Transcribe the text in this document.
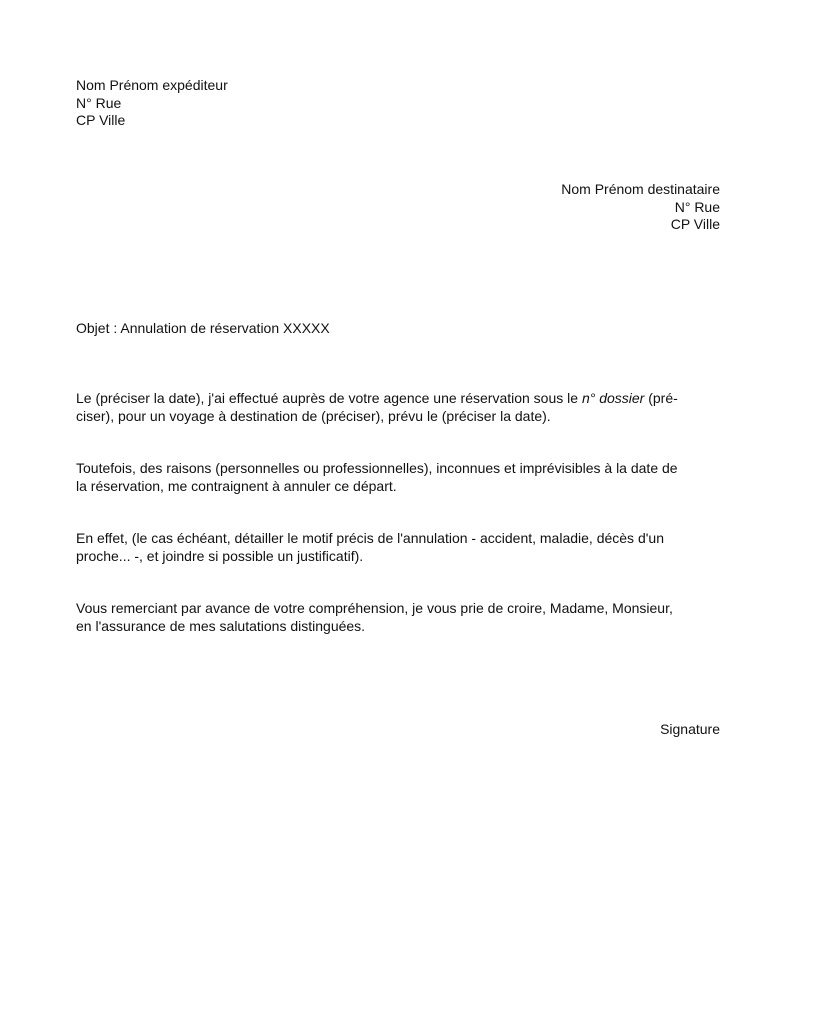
Nom Prénom expéditeur
N° Rue
CP Ville
Nom Prénom destinataire
N° Rue
CP Ville
Objet : Annulation de réservation XXXXX
Le (préciser la date), j'ai effectué auprès de votre agence une réservation sous le n° dossier (pré-
ciser), pour un voyage à destination de (préciser), prévu le (préciser la date).
Toutefois, des raisons (personnelles ou professionnelles), inconnues et imprévisibles à la date de
la réservation, me contraignent à annuler ce départ.
En effet, (le cas échéant, détailler le motif précis de l'annulation - accident, maladie, décès d'un
proche... -, et joindre si possible un justificatif).
Vous remerciant par avance de votre compréhension, je vous prie de croire, Madame, Monsieur,
en l'assurance de mes salutations distinguées.
Signature
